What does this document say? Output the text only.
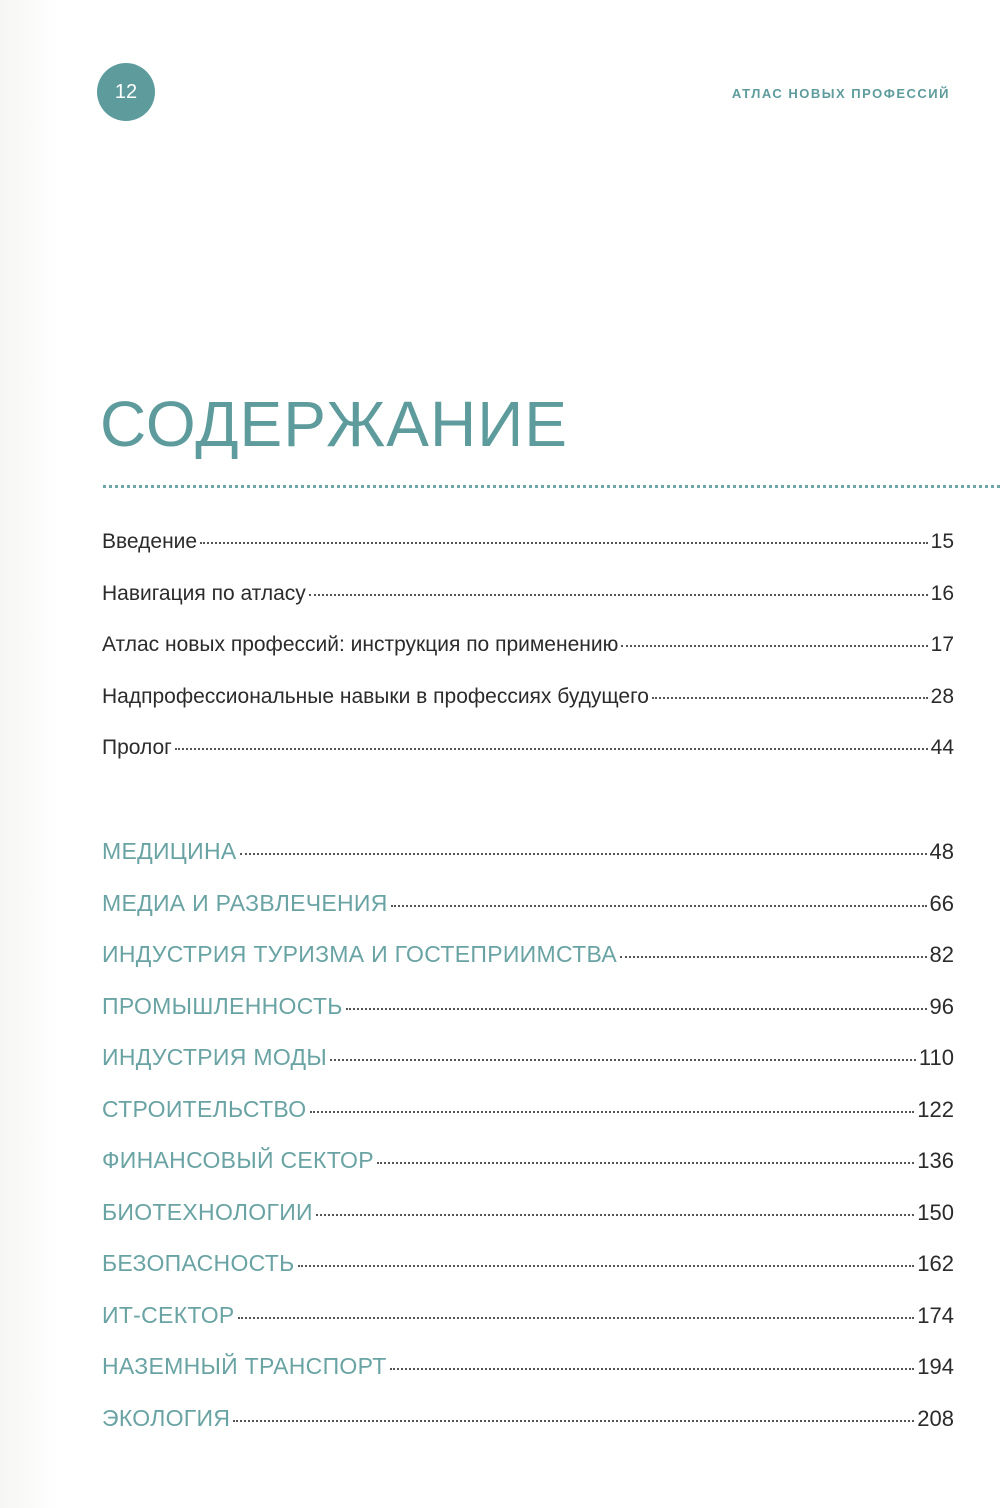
12	АТЛАС НОВЫХ ПРОФЕССИЙ
СОДЕРЖАНИЕ
Введение	15
Навигация по атласу	16
Атлас новых профессий: инструкция по применению	17
Надпрофессиональные навыки в профессиях будущего	28
Пролог	44
МЕДИЦИНА	48
МЕДИА И РАЗВЛЕЧЕНИЯ	66
ИНДУСТРИЯ ТУРИЗМА И ГОСТЕПРИИМСТВА	82
ПРОМЫШЛЕННОСТЬ	96
ИНДУСТРИЯ МОДЫ	110
СТРОИТЕЛЬСТВО	122
ФИНАНСОВЫЙ СЕКТОР	136
БИОТЕХНОЛОГИИ	150
БЕЗОПАСНОСТЬ	162
ИТ-СЕКТОР	174
НАЗЕМНЫЙ ТРАНСПОРТ	194
ЭКОЛОГИЯ	208
